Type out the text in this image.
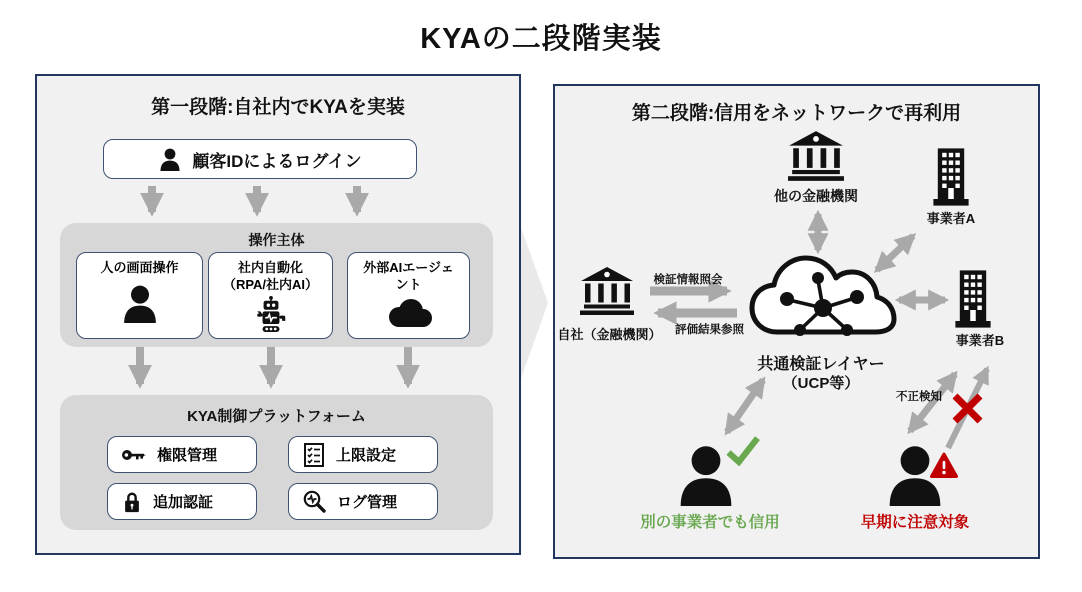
KYAの二段階実装
第一段階:自社内でKYAを実装
顧客IDによるログイン
操作主体
人の画面操作	社内自動化
（RPA/社内AI）
外部AIエージェント
KYA制御プラットフォーム
権限管理	上限設定
追加認証	ログ管理
第二段階:信用をネットワークで再利用
他の金融機関
事業者A
自社（金融機関）	事業者B
共通検証レイヤー
（UCP等）
検証情報照会
評価結果参照
不正検知
別の事業者でも信用	早期に注意対象
